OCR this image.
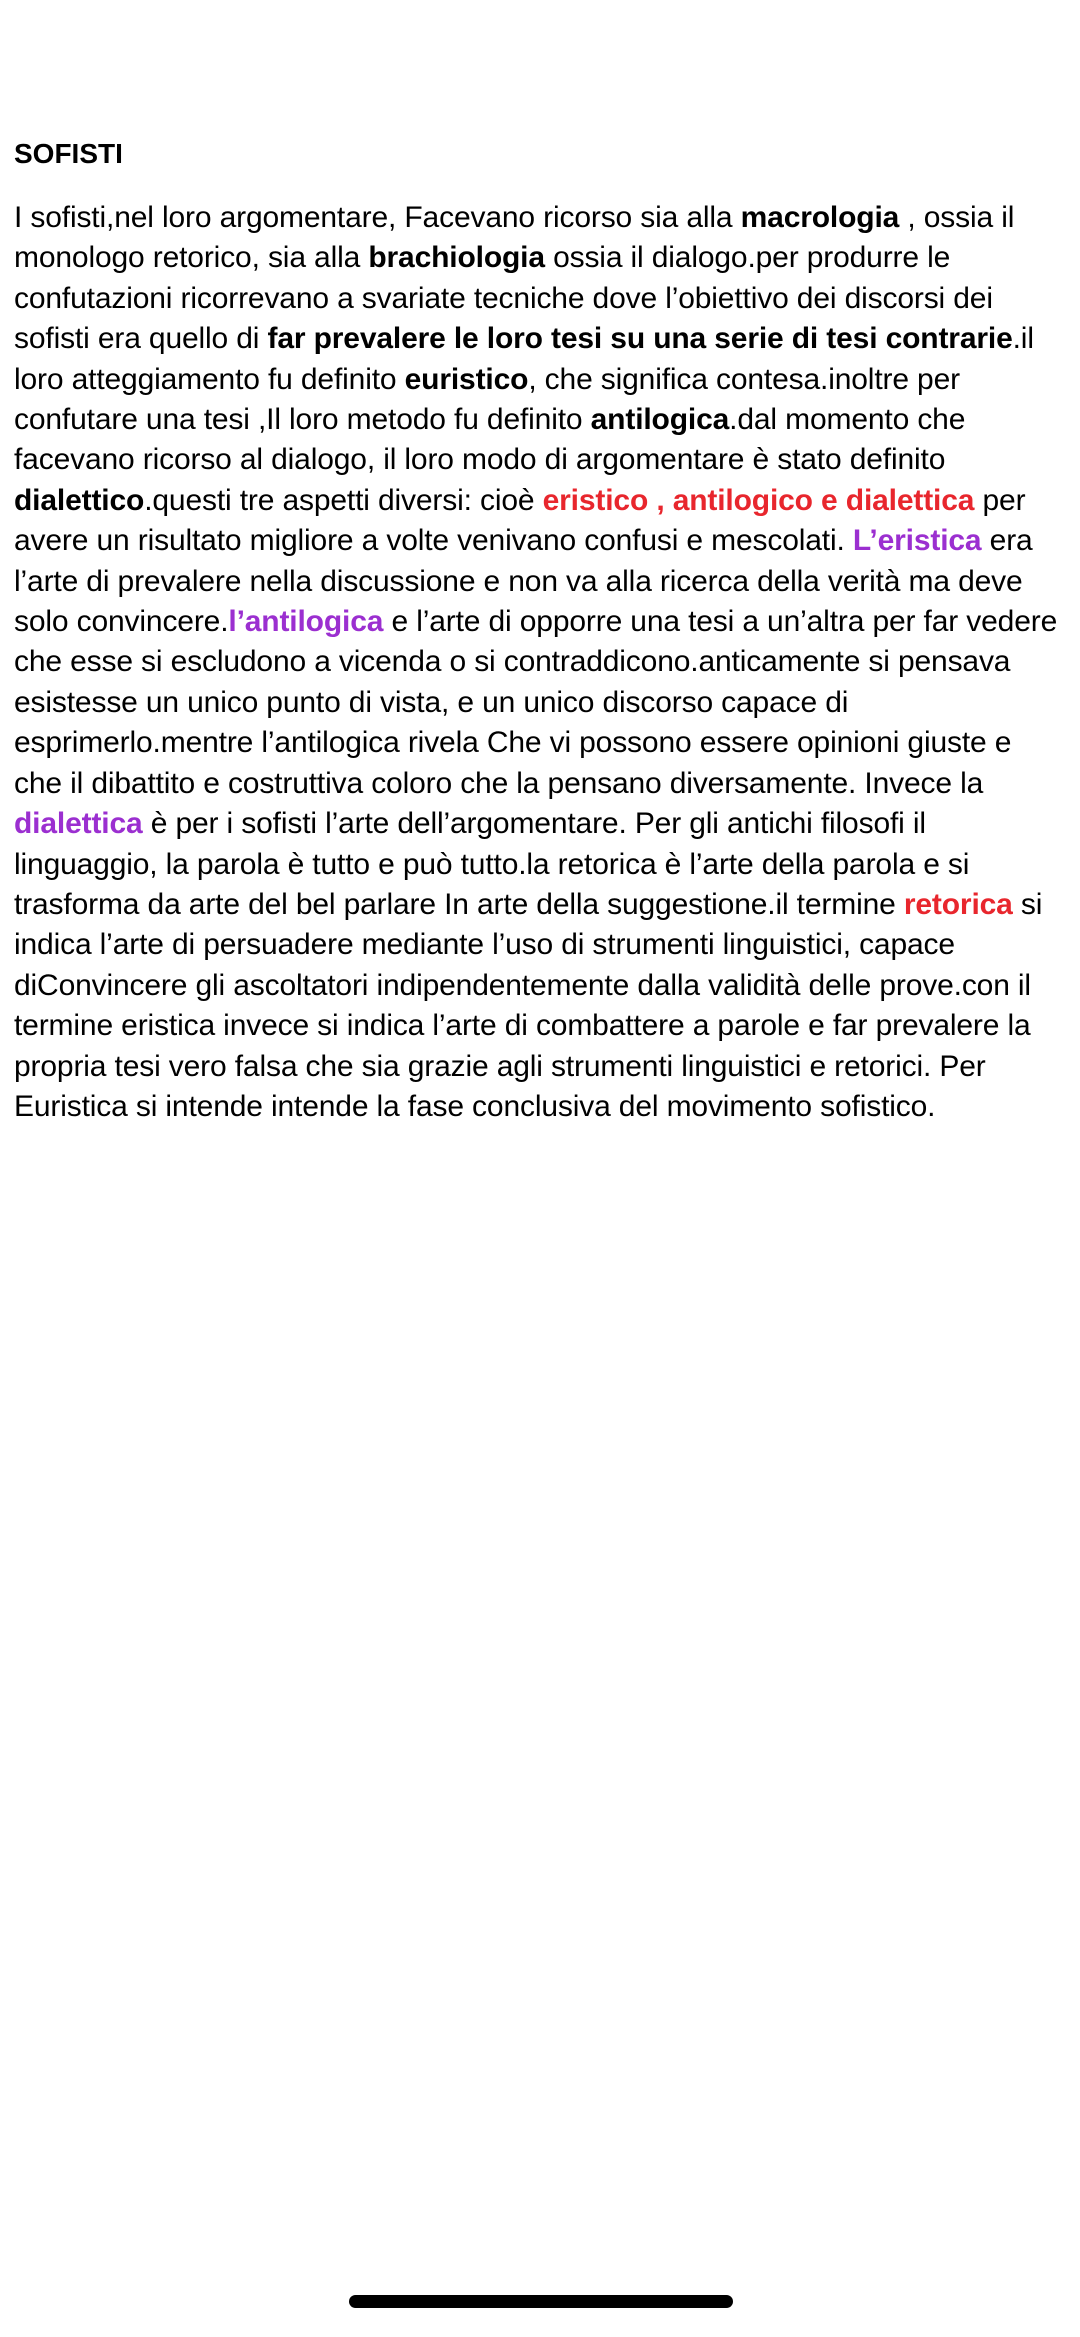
SOFISTI

I sofisti,nel loro argomentare, Facevano ricorso sia alla macrologia , ossia il monologo retorico, sia alla brachiologia ossia il dialogo.per produrre le confutazioni ricorrevano a svariate tecniche dove l’obiettivo dei discorsi dei sofisti era quello di far prevalere le loro tesi su una serie di tesi contrarie.il loro atteggiamento fu definito euristico, che significa contesa.inoltre per confutare una tesi ,Il loro metodo fu definito antilogica.dal momento che facevano ricorso al dialogo, il loro modo di argomentare è stato definito dialettico.questi tre aspetti diversi: cioè eristico , antilogico e dialettica per avere un risultato migliore a volte venivano confusi e mescolati. L’eristica era l’arte di prevalere nella discussione e non va alla ricerca della verità ma deve solo convincere.l’antilogica e l’arte di opporre una tesi a un’altra per far vedere che esse si escludono a vicenda o si contraddicono.anticamente si pensava esistesse un unico punto di vista, e un unico discorso capace di esprimerlo.mentre l’antilogica rivela Che vi possono essere opinioni giuste e che il dibattito e costruttiva coloro che la pensano diversamente. Invece la dialettica è per i sofisti l’arte dell’argomentare. Per gli antichi filosofi il linguaggio, la parola è tutto e può tutto.la retorica è l’arte della parola e si trasforma da arte del bel parlare In arte della suggestione.il termine retorica si indica l’arte di persuadere mediante l’uso di strumenti linguistici, capace diConvincere gli ascoltatori indipendentemente dalla validità delle prove.con il termine eristica invece si indica l’arte di combattere a parole e far prevalere la propria tesi vero falsa che sia grazie agli strumenti linguistici e retorici. Per Euristica si intende intende la fase conclusiva del movimento sofistico.
